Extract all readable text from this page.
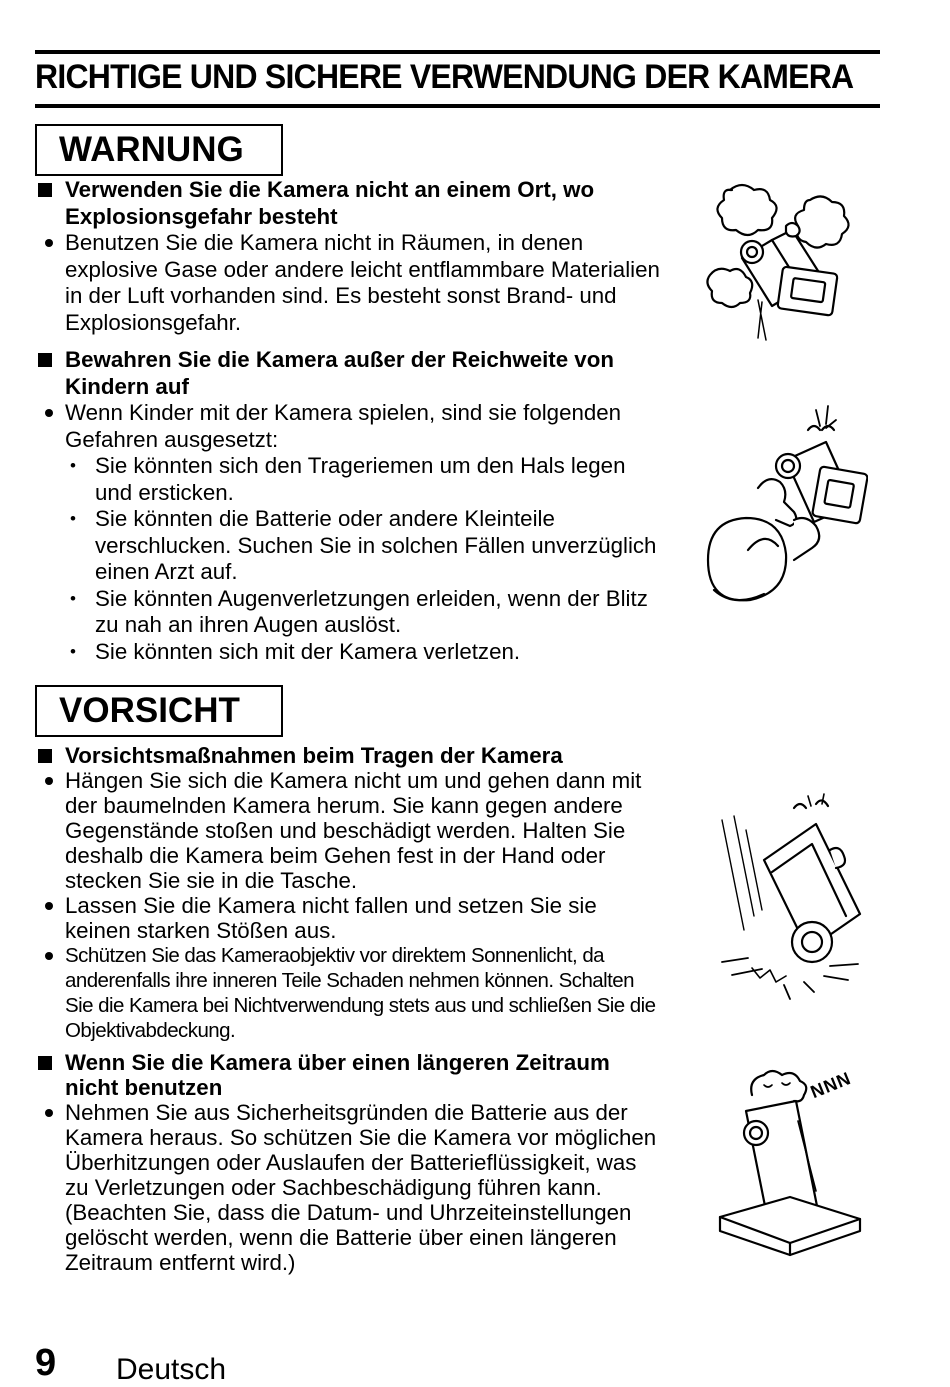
RICHTIGE UND SICHERE VERWENDUNG DER KAMERA
WARNUNG
Verwenden Sie die Kamera nicht an einem Ort, wo Explosionsgefahr besteht
Benutzen Sie die Kamera nicht in Räumen, in denen explosive Gase oder andere leicht entflammbare Materialien in der Luft vorhanden sind. Es besteht sonst Brand- und Explosionsgefahr.
Bewahren Sie die Kamera außer der Reichweite von Kindern auf
Wenn Kinder mit der Kamera spielen, sind sie folgenden Gefahren ausgesetzt:
• Sie könnten sich den Trageriemen um den Hals legen und ersticken.
• Sie könnten die Batterie oder andere Kleinteile verschlucken. Suchen Sie in solchen Fällen unverzüglich einen Arzt auf.
• Sie könnten Augenverletzungen erleiden, wenn der Blitz zu nah an ihren Augen auslöst.
• Sie könnten sich mit der Kamera verletzen.
VORSICHT
Vorsichtsmaßnahmen beim Tragen der Kamera
Hängen Sie sich die Kamera nicht um und gehen dann mit der baumelnden Kamera herum. Sie kann gegen andere Gegenstände stoßen und beschädigt werden. Halten Sie deshalb die Kamera beim Gehen fest in der Hand oder stecken Sie sie in die Tasche.
Lassen Sie die Kamera nicht fallen und setzen Sie sie keinen starken Stößen aus.
Schützen Sie das Kameraobjektiv vor direktem Sonnenlicht, da anderenfalls ihre inneren Teile Schaden nehmen können. Schalten Sie die Kamera bei Nichtverwendung stets aus und schließen Sie die Objektivabdeckung.
Wenn Sie die Kamera über einen längeren Zeitraum nicht benutzen
Nehmen Sie aus Sicherheitsgründen die Batterie aus der Kamera heraus. So schützen Sie die Kamera vor möglichen Überhitzungen oder Auslaufen der Batterieflüssigkeit, was zu Verletzungen oder Sachbeschädigung führen kann. (Beachten Sie, dass die Datum- und Uhrzeiteinstellungen gelöscht werden, wenn die Batterie über einen längeren Zeitraum entfernt wird.)
NNN
9 Deutsch
